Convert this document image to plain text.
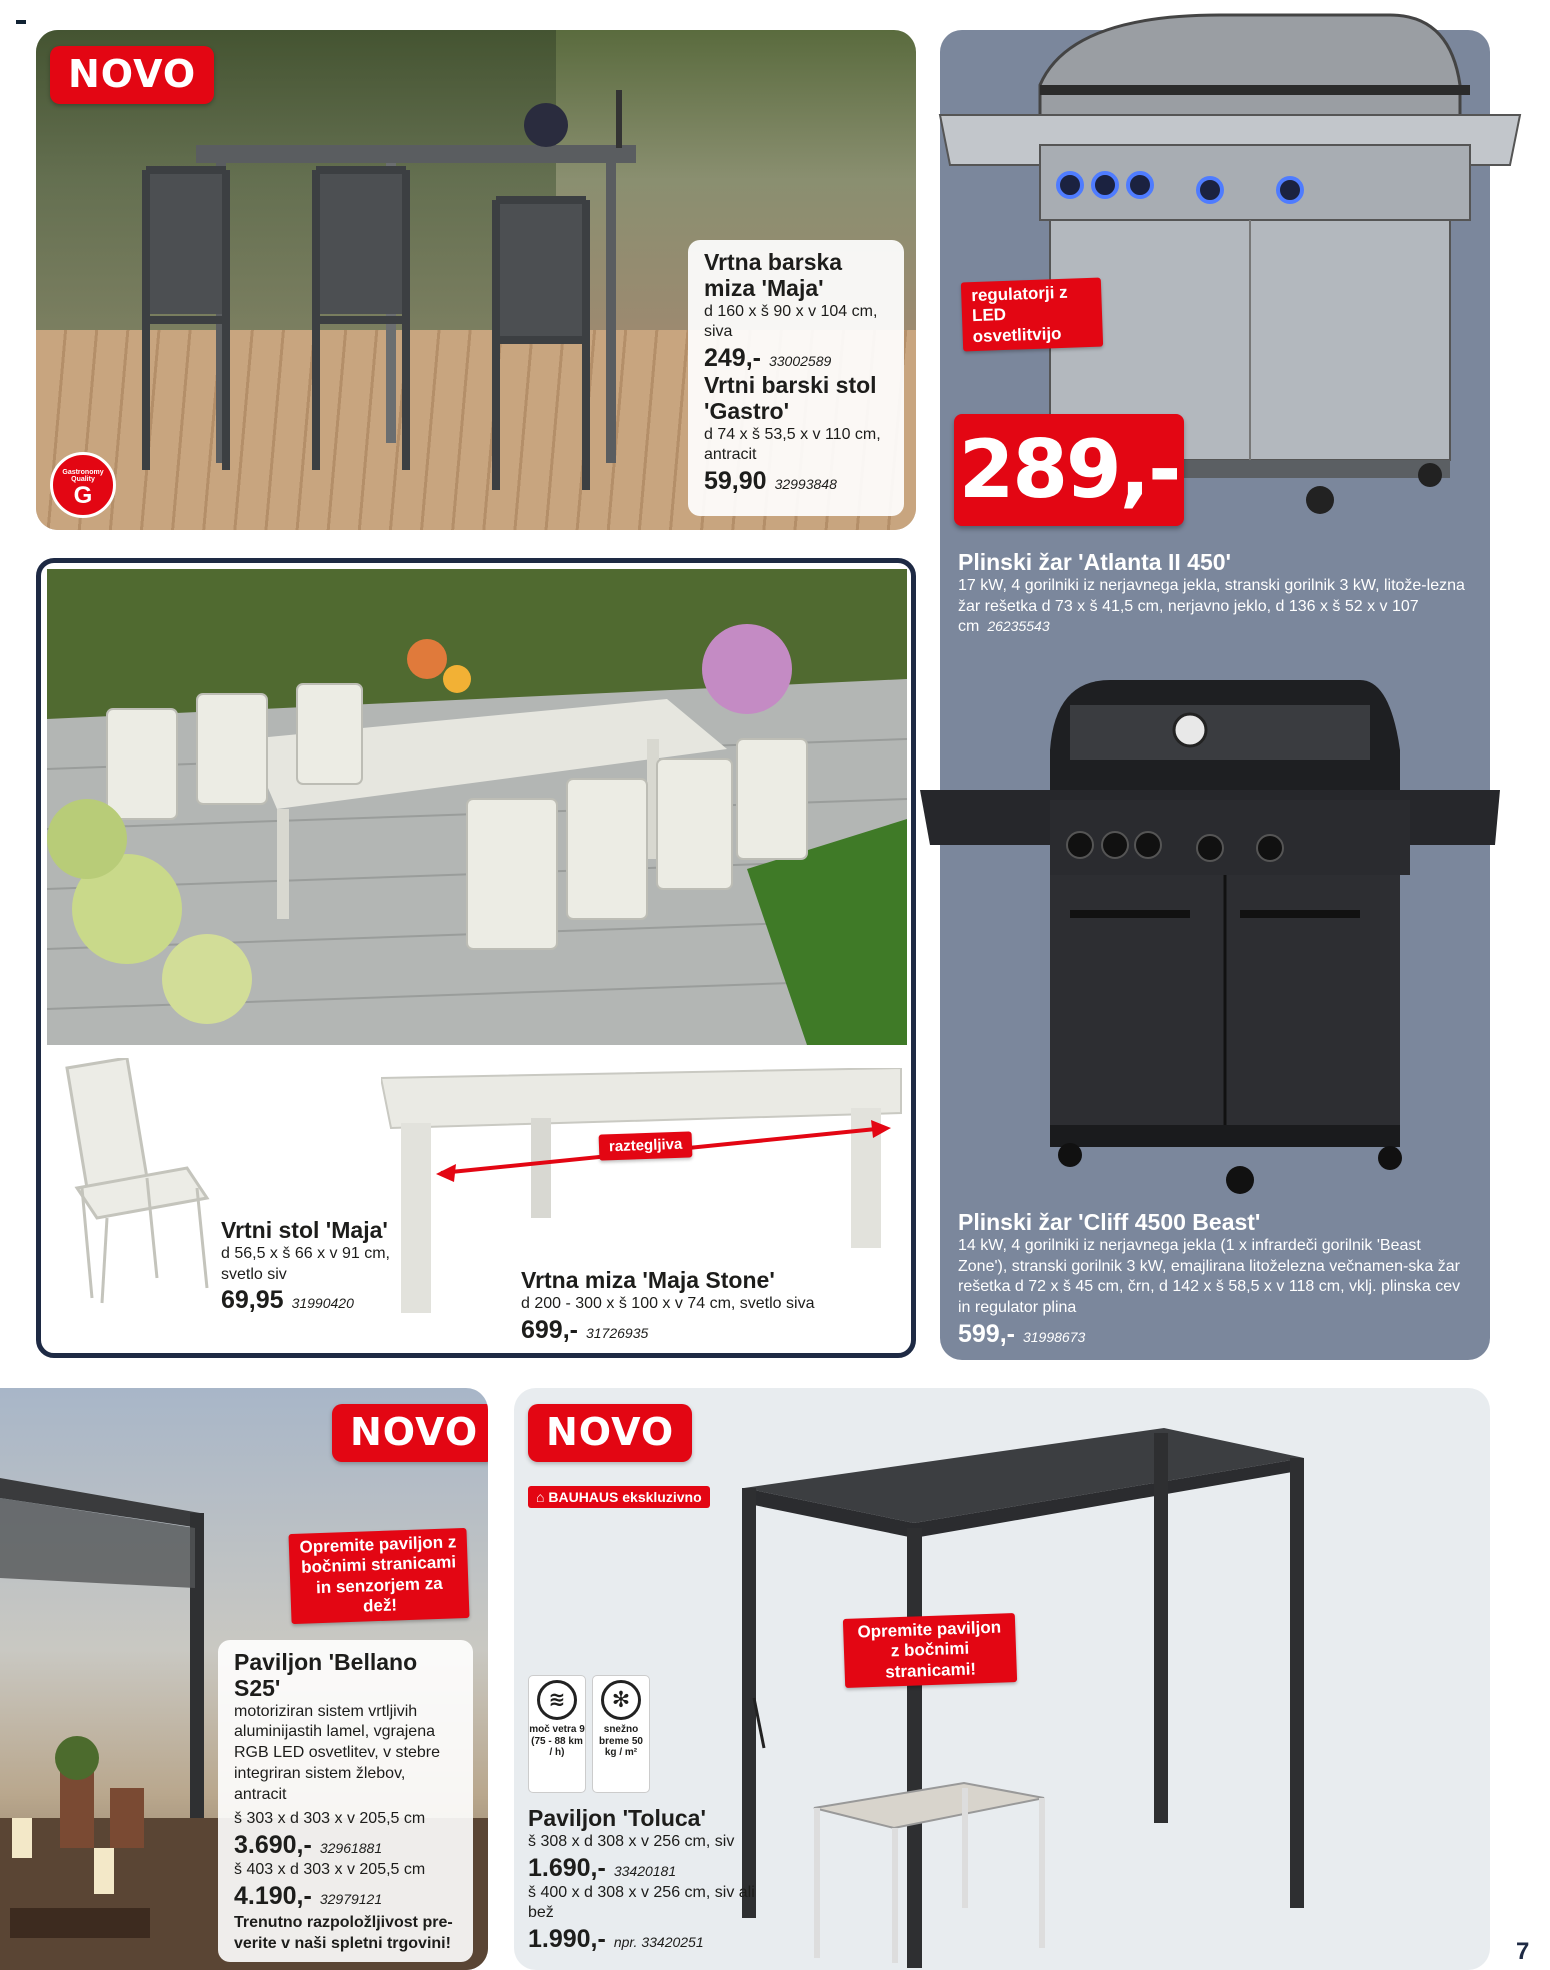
NOVO
Gastronomy Quality
G
Vrtna barska miza 'Maja'
d 160 x š 90 x v 104 cm, siva
249,- 33002589
Vrtni barski stol 'Gastro'
d 74 x š 53,5 x v 110 cm, antracit
59,90 32993848
regulatorji z LED osvetlitvijo
289,-
Plinski žar 'Atlanta II 450'
17 kW, 4 gorilniki iz nerjavnega jekla, stranski gorilnik 3 kW, litože-lezna žar rešetka d 73 x š 41,5 cm, nerjavno jeklo, d 136 x š 52 x v 107 cm 26235543
Plinski žar 'Cliff 4500 Beast'
14 kW, 4 gorilniki iz nerjavnega jekla (1 x infrardeči gorilnik 'Beast Zone'), stranski gorilnik 3 kW, emajlirana litoželezna večnamen-ska žar rešetka d 72 x š 45 cm, črn, d 142 x š 58,5 x v 118 cm, vklj. plinska cev in regulator plina
599,- 31998673
raztegljiva
Vrtni stol 'Maja'
d 56,5 x š 66 x v 91 cm, svetlo siv
69,95 31990420
Vrtna miza 'Maja Stone'
d 200 - 300 x š 100 x v 74 cm, svetlo siva
699,- 31726935
NOVO
Opremite paviljon z bočnimi stranicami in senzorjem za dež!
Paviljon 'Bellano S25'
motoriziran sistem vrtljivih aluminijastih lamel, vgrajena RGB LED osvetlitev, v stebre integriran sistem žlebov, antracit
š 303 x d 303 x v 205,5 cm
3.690,- 32961881
š 403 x d 303 x v 205,5 cm
4.190,- 32979121
Trenutno razpoložljivost pre-verite v naši spletni trgovini!
NOVO
⌂ BAUHAUS ekskluzivno
Opremite paviljon z bočnimi stranicami!
≋
moč vetra 9 (75 - 88 km / h)
✻
snežno breme 50 kg / m²
Paviljon 'Toluca'
š 308 x d 308 x v 256 cm, siv
1.690,- 33420181
š 400 x d 308 x v 256 cm, siv ali bež
1.990,- npr. 33420251	7
